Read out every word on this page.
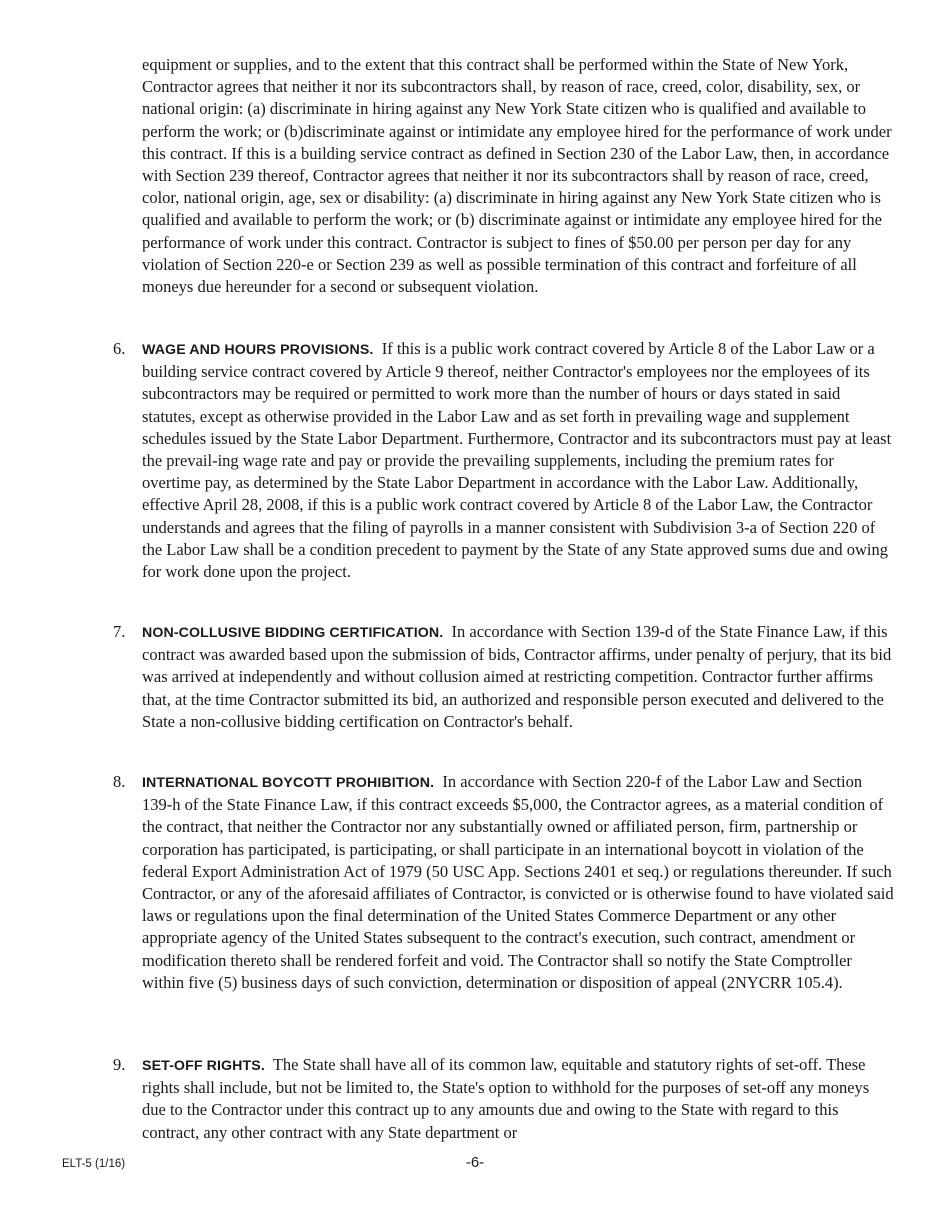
equipment or supplies, and to the extent that this contract shall be performed within the State of New York, Contractor agrees that neither it nor its subcontractors shall, by reason of race, creed, color, disability, sex, or national origin: (a) discriminate in hiring against any New York State citizen who is qualified and available to perform the work; or (b)discriminate against or intimidate any employee hired for the performance of work under this contract. If this is a building service contract as defined in Section 230 of the Labor Law, then, in accordance with Section 239 thereof, Contractor agrees that neither it nor its subcontractors shall by reason of race, creed, color, national origin, age, sex or disability: (a) discriminate in hiring against any New York State citizen who is qualified and available to perform the work; or (b) discriminate against or intimidate any employee hired for the performance of work under this contract. Contractor is subject to fines of $50.00 per person per day for any violation of Section 220-e or Section 239 as well as possible termination of this contract and forfeiture of all moneys due hereunder for a second or subsequent violation.

6. WAGE AND HOURS PROVISIONS. If this is a public work contract covered by Article 8 of the Labor Law or a building service contract covered by Article 9 thereof, neither Contractor's employees nor the employees of its subcontractors may be required or permitted to work more than the number of hours or days stated in said statutes, except as otherwise provided in the Labor Law and as set forth in prevailing wage and supplement schedules issued by the State Labor Department. Furthermore, Contractor and its subcontractors must pay at least the prevail-ing wage rate and pay or provide the prevailing supplements, including the premium rates for overtime pay, as determined by the State Labor Department in accordance with the Labor Law. Additionally, effective April 28, 2008, if this is a public work contract covered by Article 8 of the Labor Law, the Contractor understands and agrees that the filing of payrolls in a manner consistent with Subdivision 3-a of Section 220 of the Labor Law shall be a condition precedent to payment by the State of any State approved sums due and owing for work done upon the project.

7. NON-COLLUSIVE BIDDING CERTIFICATION. In accordance with Section 139-d of the State Finance Law, if this contract was awarded based upon the submission of bids, Contractor affirms, under penalty of perjury, that its bid was arrived at independently and without collusion aimed at restricting competition. Contractor further affirms that, at the time Contractor submitted its bid, an authorized and responsible person executed and delivered to the State a non-collusive bidding certification on Contractor's behalf.

8. INTERNATIONAL BOYCOTT PROHIBITION. In accordance with Section 220-f of the Labor Law and Section 139-h of the State Finance Law, if this contract exceeds $5,000, the Contractor agrees, as a material condition of the contract, that neither the Contractor nor any substantially owned or affiliated person, firm, partnership or corporation has participated, is participating, or shall participate in an international boycott in violation of the federal Export Administration Act of 1979 (50 USC App. Sections 2401 et seq.) or regulations thereunder. If such Contractor, or any of the aforesaid affiliates of Contractor, is convicted or is otherwise found to have violated said laws or regulations upon the final determination of the United States Commerce Department or any other appropriate agency of the United States subsequent to the contract's execution, such contract, amendment or modification thereto shall be rendered forfeit and void. The Contractor shall so notify the State Comptroller within five (5) business days of such conviction, determination or disposition of appeal (2NYCRR 105.4).

9. SET-OFF RIGHTS. The State shall have all of its common law, equitable and statutory rights of set-off. These rights shall include, but not be limited to, the State's option to withhold for the purposes of set-off any moneys due to the Contractor under this contract up to any amounts due and owing to the State with regard to this contract, any other contract with any State department or

ELT-5 (1/16)	-6-
